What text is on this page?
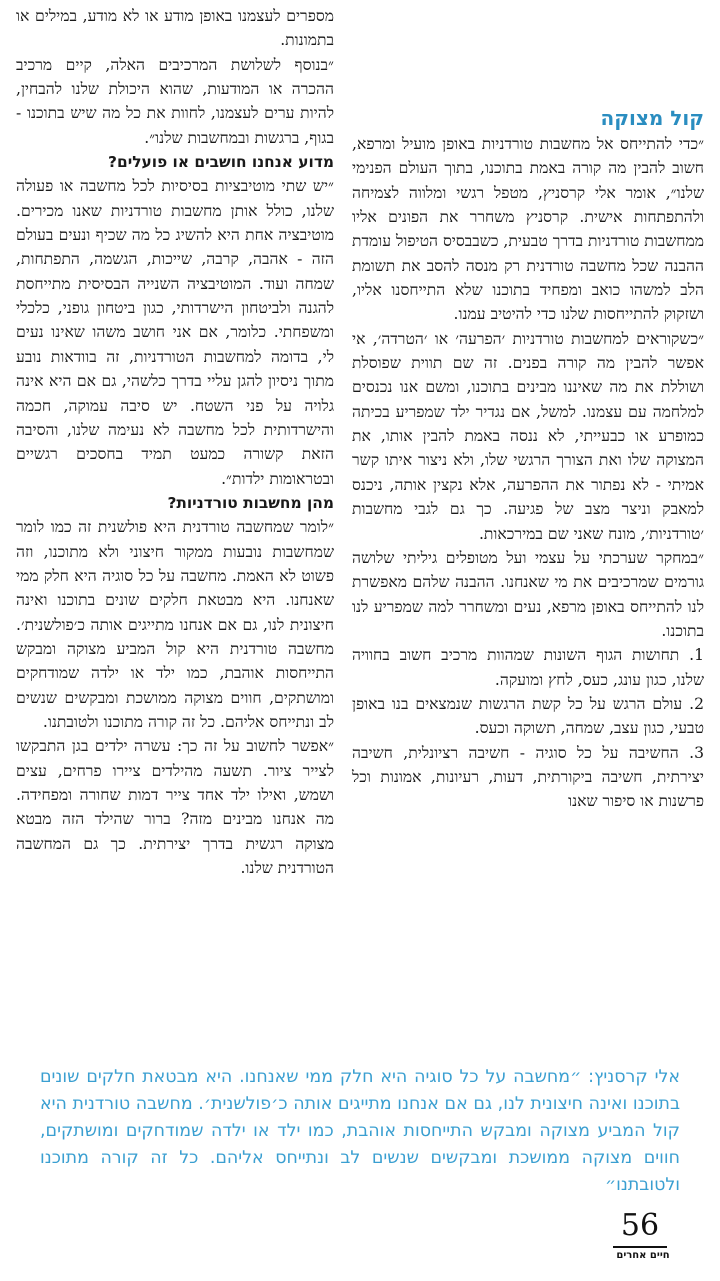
מספרים לעצמנו באופן מודע או לא מודע, במילים או בתמונות.

״בנוסף לשלושת המרכיבים האלה, קיים מרכיב ההכרה או המודעות, שהוא היכולת שלנו להבחין, להיות ערים לעצמנו, לחוות את כל מה שיש בתוכנו - בגוף, ברגשות ובמחשבות שלנו״.

מדוע אנחנו חושבים או פועלים?

״יש שתי מוטיבציות בסיסיות לכל מחשבה או פעולה שלנו, כולל אותן מחשבות טורדניות שאנו מכירים. מוטיבציה אחת היא להשיג כל מה שכיף ונעים בעולם הזה - אהבה, קרבה, שייכות, הגשמה, התפתחות, שמחה ועוד. המוטיבציה השנייה הבסיסית מתייחסת להגנה ולביטחון הישרדותי, כגון ביטחון גופני, כלכלי ומשפחתי. כלומר, אם אני חושב משהו שאינו נעים לי, בדומה למחשבות הטורדניות, זה בוודאות נובע מתוך ניסיון להגן עליי בדרך כלשהי, גם אם היא אינה גלויה על פני השטח. יש סיבה עמוקה, חכמה והישרדותית לכל מחשבה לא נעימה שלנו, והסיבה הזאת קשורה כמעט תמיד בחסכים רגשיים ובטראומות ילדות״.

מהן מחשבות טורדניות?

״לומר שמחשבה טורדנית היא פולשנית זה כמו לומר שמחשבות נובעות ממקור חיצוני ולא מתוכנו, וזה פשוט לא האמת. מחשבה על כל סוגיה היא חלק ממי שאנחנו. היא מבטאת חלקים שונים בתוכנו ואינה חיצונית לנו, גם אם אנחנו מתייגים אותה כ׳פולשנית׳. מחשבה טורדנית היא קול המביע מצוקה ומבקש התייחסות אוהבת, כמו ילד או ילדה שמודחקים ומושתקים, חווים מצוקה ממושכת ומבקשים שנשים לב ונתייחס אליהם. כל זה קורה מתוכנו ולטובתנו.

״אפשר לחשוב על זה כך: עשרה ילדים בגן התבקשו לצייר ציור. תשעה מהילדים ציירו פרחים, עצים ושמש, ואילו ילד אחד צייר דמות שחורה ומפחידה. מה אנחנו מבינים מזה? ברור שהילד הזה מבטא מצוקה רגשית בדרך יצירתית. כך גם המחשבה הטורדנית שלנו.

קול מצוקה

״כדי להתייחס אל מחשבות טורדניות באופן מועיל ומרפא, חשוב להבין מה קורה באמת בתוכנו, בתוך העולם הפנימי שלנו״, אומר אלי קרסניץ, מטפל רגשי ומלווה לצמיחה ולהתפתחות אישית. קרסניץ משחרר את הפונים אליו ממחשבות טורדניות בדרך טבעית, כשבבסיס הטיפול עומדת ההבנה שכל מחשבה טורדנית רק מנסה להסב את תשומת הלב למשהו כואב ומפחיד בתוכנו שלא התייחסנו אליו, ושזקוק להתייחסות שלנו כדי להיטיב עמנו.

״כשקוראים למחשבות טורדניות ׳הפרעה׳ או ׳הטרדה׳, אי אפשר להבין מה קורה בפנים. זה שם תווית שפוסלת ושוללת את מה שאיננו מבינים בתוכנו, ומשם אנו נכנסים למלחמה עם עצמנו. למשל, אם נגדיר ילד שמפריע בכיתה כמופרע או כבעייתי, לא ננסה באמת להבין אותו, את המצוקה שלו ואת הצורך הרגשי שלו, ולא ניצור איתו קשר אמיתי - לא נפתור את ההפרעה, אלא נקצין אותה, ניכנס למאבק וניצר מצב של פגיעה. כך גם לגבי מחשבות ׳טורדניות׳, מונח שאני שם במירכאות.

״במחקר שערכתי על עצמי ועל מטופלים גיליתי שלושה גורמים שמרכיבים את מי שאנחנו. ההבנה שלהם מאפשרת לנו להתייחס באופן מרפא, נעים ומשחרר למה שמפריע לנו בתוכנו.

1. תחושות הגוף השונות שמהוות מרכיב חשוב בחוויה שלנו, כגון עונג, כעס, לחץ ומועקה.

2. עולם הרגש על כל קשת הרגשות שנמצאים בנו באופן טבעי, כגון עצב, שמחה, תשוקה וכעס.

3. החשיבה על כל סוגיה - חשיבה רציונלית, חשיבה יצירתית, חשיבה ביקורתית, דעות, רעיונות, אמונות וכל פרשנות או סיפור שאנו

אלי קרסניץ: ״מחשבה על כל סוגיה היא חלק ממי שאנחנו. היא מבטאת חלקים שונים בתוכנו ואינה חיצונית לנו, גם אם אנחנו מתייגים אותה כ׳פולשנית׳. מחשבה טורדנית היא קול המביע מצוקה ומבקש התייחסות אוהבת, כמו ילד או ילדה שמודחקים ומושתקים, חווים מצוקה ממושכת ומבקשים שנשים לב ונתייחס אליהם. כל זה קורה מתוכנו ולטובתנו״
56
חיים אחרים
